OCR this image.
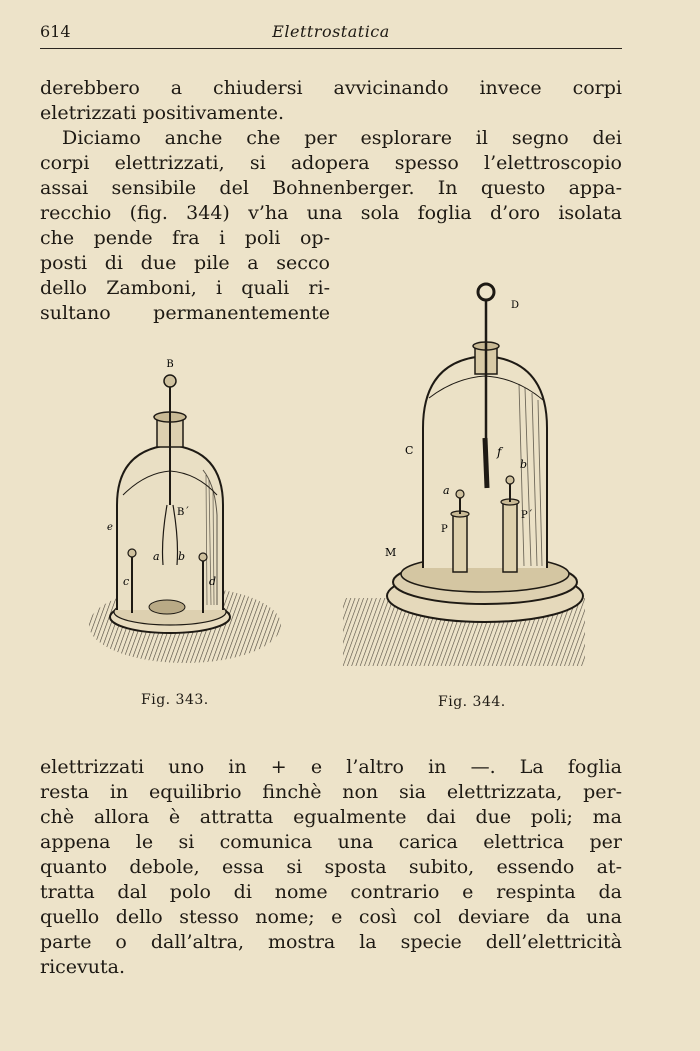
614	Elettrostatica
derebbero a chiudersi avvicinando invece corpi
eletrizzati positivamente.
Diciamo anche che per esplorare il segno dei
corpi elettrizzati, si adopera spesso l’elettroscopio
assai sensibile del Bohnenberger. In questo appa-
recchio (fig. 344) v’ha una sola foglia d’oro isolata
che pende fra i poli op-
posti di due pile a secco
dello Zamboni, i quali ri-
sultano permanentemente
B
B´
c	d
a b
e
D
C	f
b
a
P
P´
M
Fig. 343.	Fig. 344.
elettrizzati uno in + e l’altro in —. La foglia
resta in equilibrio finchè non sia elettrizzata, per-
chè allora è attratta egualmente dai due poli; ma
appena le si comunica una carica elettrica per
quanto debole, essa si sposta subito, essendo at-
tratta dal polo di nome contrario e respinta da
quello dello stesso nome; e così col deviare da una
parte o dall’altra, mostra la specie dell’elettricità
ricevuta.
